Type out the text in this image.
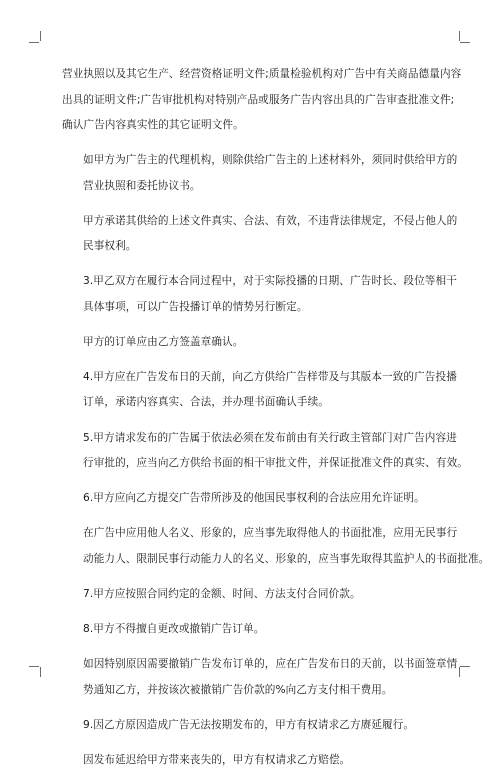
营业执照以及其它生产、经营资格证明文件;质量检验机构对广告中有关商品德量内容
出具的证明文件;广告审批机构对特别产品或服务广告内容出具的广告审查批准文件;
确认广告内容真实性的其它证明文件。

如甲方为广告主的代理机构，则除供给广告主的上述材料外，须同时供给甲方的
营业执照和委托协议书。

甲方承诺其供给的上述文件真实、合法、有效，不违背法律规定，不侵占他人的
民事权利。

3.甲乙双方在履行本合同过程中，对于实际投播的日期、广告时长、段位等相干
具体事项，可以广告投播订单的情势另行断定。

甲方的订单应由乙方签盖章确认。

4.甲方应在广告发布日的天前，向乙方供给广告样带及与其版本一致的广告投播
订单，承诺内容真实、合法，并办理书面确认手续。

5.甲方请求发布的广告属于依法必须在发布前由有关行政主管部门对广告内容进
行审批的，应当向乙方供给书面的相干审批文件，并保证批准文件的真实、有效。

6.甲方应向乙方提交广告带所涉及的他国民事权利的合法应用允许证明。

在广告中应用他人名义、形象的，应当事先取得他人的书面批准，应用无民事行
动能力人、限制民事行动能力人的名义、形象的，应当事先取得其监护人的书面批准。

7.甲方应按照合同约定的金额、时间、方法支付合同价款。

8.甲方不得擅自更改或撤销广告订单。

如因特别原因需要撤销广告发布订单的，应在广告发布日的天前，以书面签章情
势通知乙方，并按该次被撤销广告价款的%向乙方支付相干费用。

9.因乙方原因造成广告无法按期发布的，甲方有权请求乙方赓延履行。

因发布延迟给甲方带来丧失的，甲方有权请求乙方赔偿。
